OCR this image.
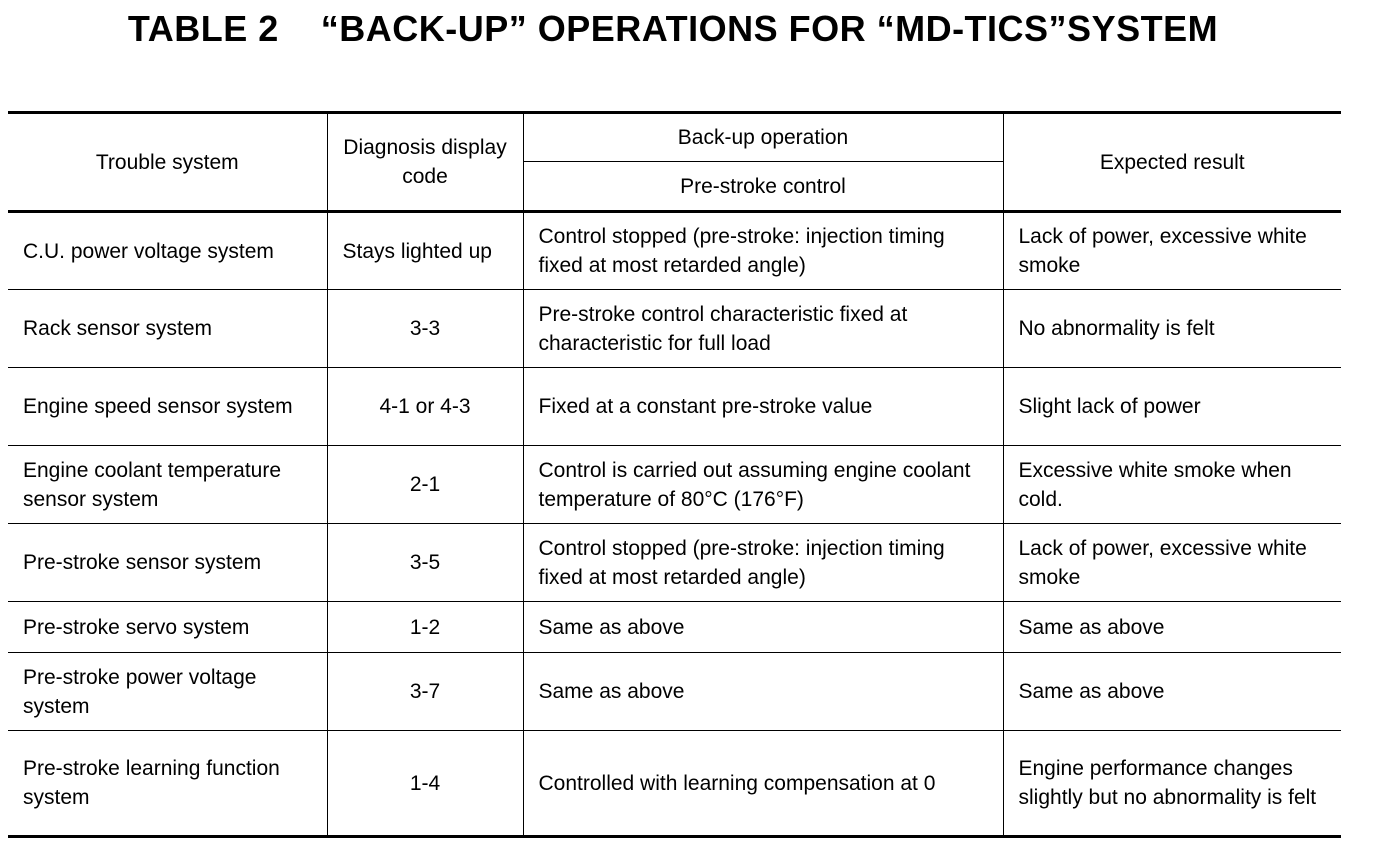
TABLE 2    “BACK-UP” OPERATIONS FOR “MD-TICS”SYSTEM
Trouble system	Diagnosis display code	Back-up operation	Expected result
		Pre-stroke control	
C.U. power voltage system	Stays lighted up	Control stopped (pre-stroke: injection timing fixed at most retarded angle)	Lack of power, excessive white smoke
Rack sensor system	3-3	Pre-stroke control characteristic fixed at characteristic for full load	No abnormality is felt
Engine speed sensor system	4-1 or 4-3	Fixed at a constant pre-stroke value	Slight lack of power
Engine coolant temperature sensor system	2-1	Control is carried out assuming engine coolant temperature of 80°C (176°F)	Excessive white smoke when cold.
Pre-stroke sensor system	3-5	Control stopped (pre-stroke: injection timing fixed at most retarded angle)	Lack of power, excessive white smoke
Pre-stroke servo system	1-2	Same as above	Same as above
Pre-stroke power voltage system	3-7	Same as above	Same as above
Pre-stroke learning function system	1-4	Controlled with learning compensation at 0	Engine performance changes slightly but no abnormality is felt
